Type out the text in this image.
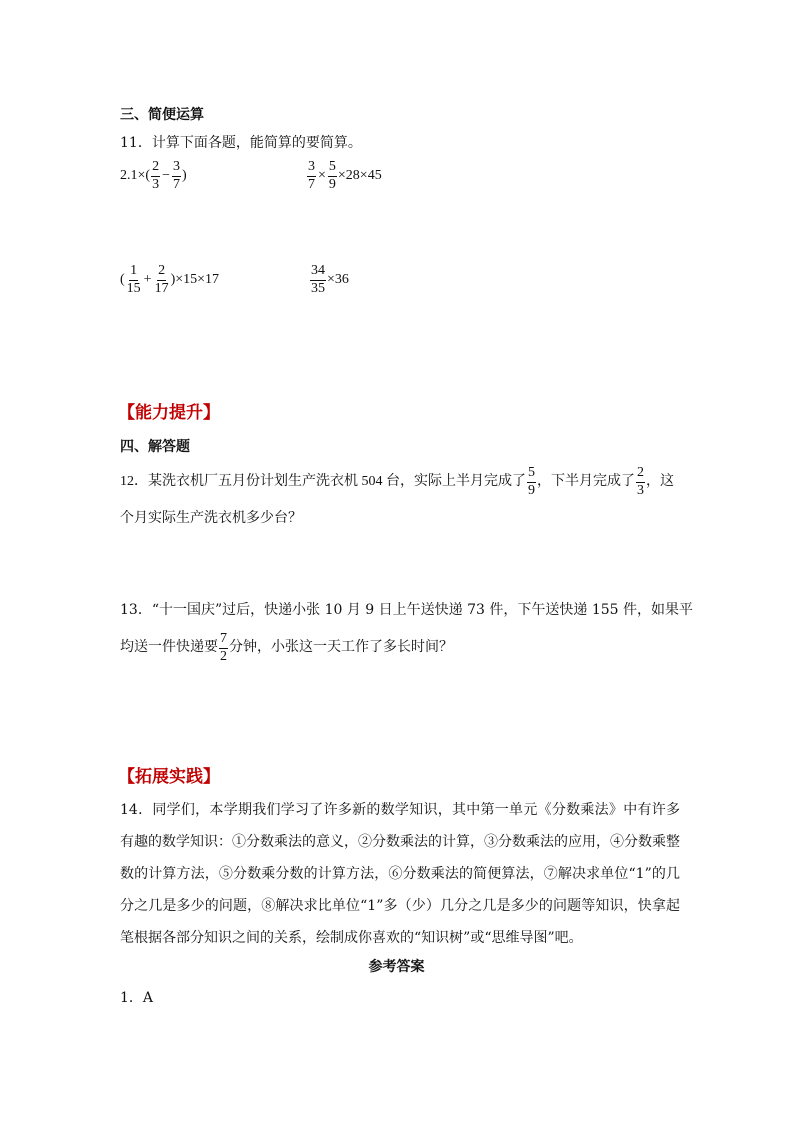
三、简便运算
11．计算下面各题，能简算的要简算。
$2.1\times( \frac{2}{3} - \frac{3}{7}$ )	$\frac{3}{7} \times \frac{5}{9} \times 28\times 45$
( $\frac{1}{15} + \frac{2}{17} )\times 15\times 17$	$\frac{34}{35} \times 36$
【能力提升】
四、解答题
12．某洗衣机厂五月份计划生产洗衣机 504 台，实际上半月完成了 $\frac{5}{9}$ ，下半月完成了 $\frac{2}{3}$ ，这
个月实际生产洗衣机多少台？
13．“十一国庆”过后，快递小张 10 月 9 日上午送快递 73 件，下午送快递 155 件，如果平
均送一件快递要 $\frac{7}{2}$ 分钟，小张这一天工作了多长时间？
【拓展实践】
14．同学们，本学期我们学习了许多新的数学知识，其中第一单元《分数乘法》中有许多有趣的数学知识：①分数乘法的意义，②分数乘法的计算，③分数乘法的应用，④分数乘整数的计算方法，⑤分数乘分数的计算方法，⑥分数乘法的简便算法，⑦解决求单位“1”的几分之几是多少的问题，⑧解决求比单位“1”多（少）几分之几是多少的问题等知识，快拿起笔根据各部分知识之间的关系，绘制成你喜欢的“知识树”或“思维导图”吧。
参考答案
1．A
